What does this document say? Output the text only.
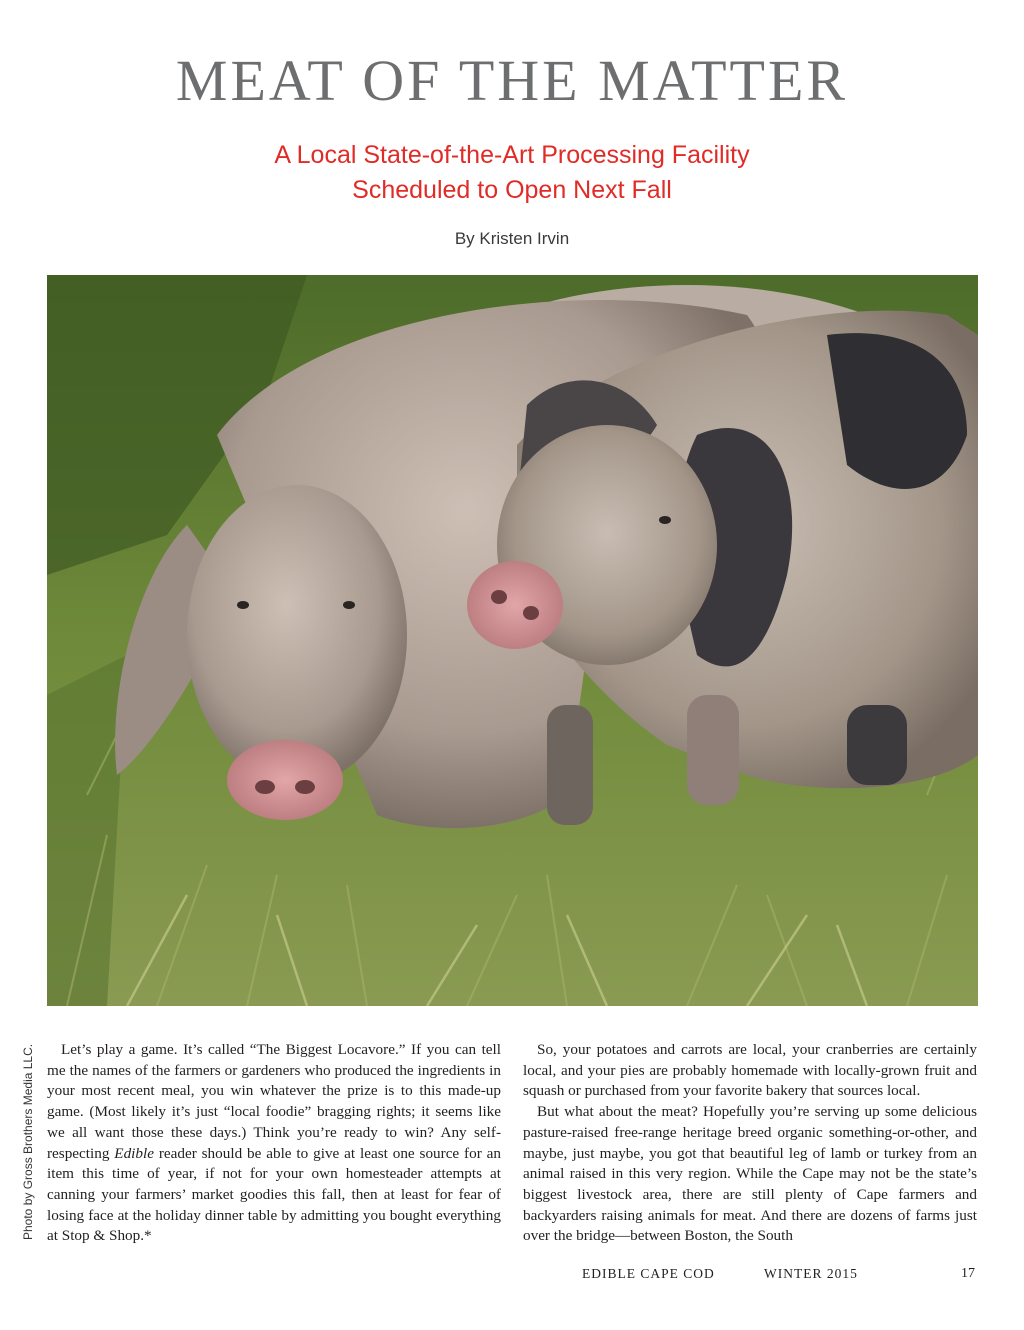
MEAT OF THE MATTER
A Local State-of-the-Art Processing Facility
Scheduled to Open Next Fall
By Kristen Irvin
Photo by Gross Brothers Media LLC.	Let’s play a game. It’s called “The Biggest Locavore.” If you can tell me the names of the farmers or gardeners who produced the ingredients in your most recent meal, you win whatever the prize is to this made-up game. (Most likely it’s just “local foodie” bragging rights; it seems like we all want those these days.) Think you’re ready to win? Any self-respecting Edible reader should be able to give at least one source for an item this time of year, if not for your own homesteader attempts at canning your farmers’ market goodies this fall, then at least for fear of losing face at the holiday dinner table by admitting you bought everything at Stop & Shop.*

So, your potatoes and carrots are local, your cranberries are certainly local, and your pies are probably homemade with locally-grown fruit and squash or purchased from your favorite bakery that sources local.

But what about the meat? Hopefully you’re serving up some delicious pasture-raised free-range heritage breed organic something-or-other, and maybe, just maybe, you got that beautiful leg of lamb or turkey from an animal raised in this very region. While the Cape may not be the state’s biggest livestock area, there are still plenty of Cape farmers and backyarders raising animals for meat. And there are dozens of farms just over the bridge—between Boston, the South

EDIBLE CAPE COD	WINTER 2015	17
